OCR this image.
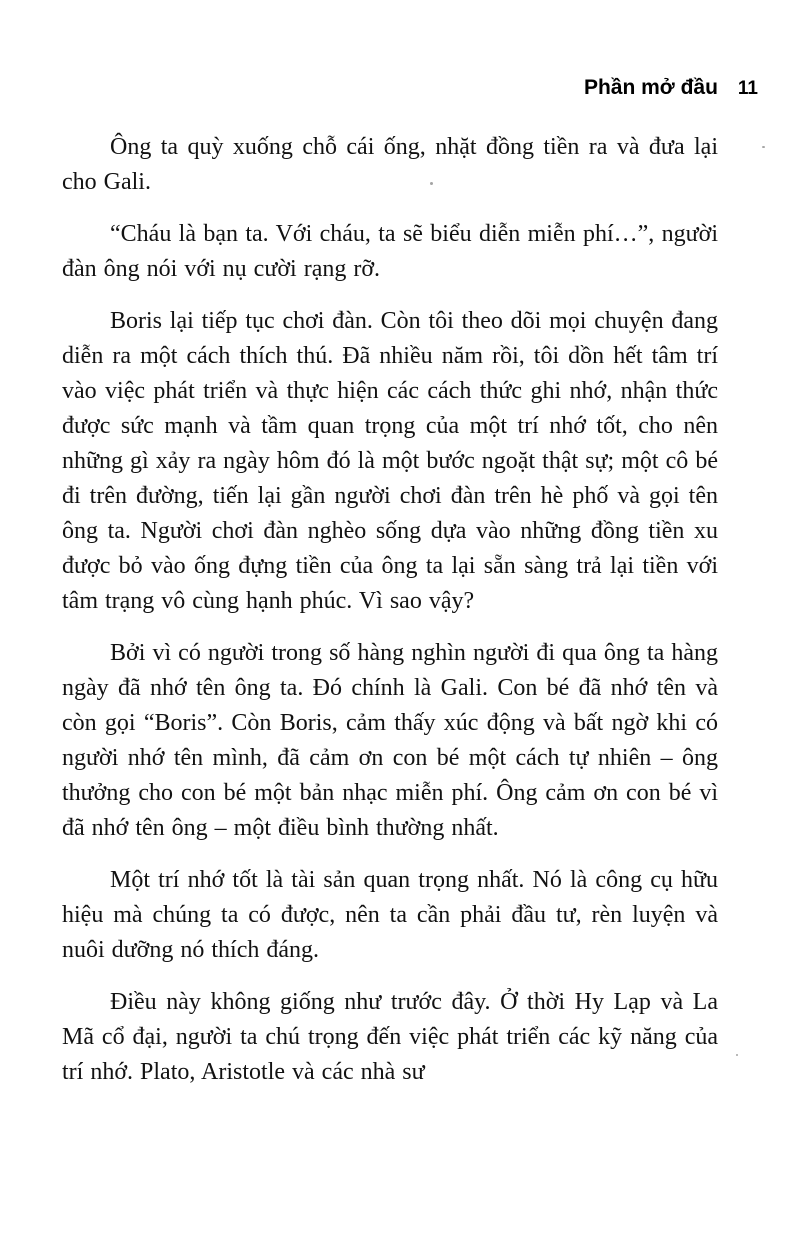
Phần mở đầu 11

Ông ta quỳ xuống chỗ cái ống, nhặt đồng tiền ra và đưa lại cho Gali.

“Cháu là bạn ta. Với cháu, ta sẽ biểu diễn miễn phí…”, người đàn ông nói với nụ cười rạng rỡ.

Boris lại tiếp tục chơi đàn. Còn tôi theo dõi mọi chuyện đang diễn ra một cách thích thú. Đã nhiều năm rồi, tôi dồn hết tâm trí vào việc phát triển và thực hiện các cách thức ghi nhớ, nhận thức được sức mạnh và tầm quan trọng của một trí nhớ tốt, cho nên những gì xảy ra ngày hôm đó là một bước ngoặt thật sự; một cô bé đi trên đường, tiến lại gần người chơi đàn trên hè phố và gọi tên ông ta. Người chơi đàn nghèo sống dựa vào những đồng tiền xu được bỏ vào ống đựng tiền của ông ta lại sẵn sàng trả lại tiền với tâm trạng vô cùng hạnh phúc. Vì sao vậy?

Bởi vì có người trong số hàng nghìn người đi qua ông ta hàng ngày đã nhớ tên ông ta. Đó chính là Gali. Con bé đã nhớ tên và còn gọi “Boris”. Còn Boris, cảm thấy xúc động và bất ngờ khi có người nhớ tên mình, đã cảm ơn con bé một cách tự nhiên – ông thưởng cho con bé một bản nhạc miễn phí. Ông cảm ơn con bé vì đã nhớ tên ông – một điều bình thường nhất.

Một trí nhớ tốt là tài sản quan trọng nhất. Nó là công cụ hữu hiệu mà chúng ta có được, nên ta cần phải đầu tư, rèn luyện và nuôi dưỡng nó thích đáng.

Điều này không giống như trước đây. Ở thời Hy Lạp và La Mã cổ đại, người ta chú trọng đến việc phát triển các kỹ năng của trí nhớ. Plato, Aristotle và các nhà sư
